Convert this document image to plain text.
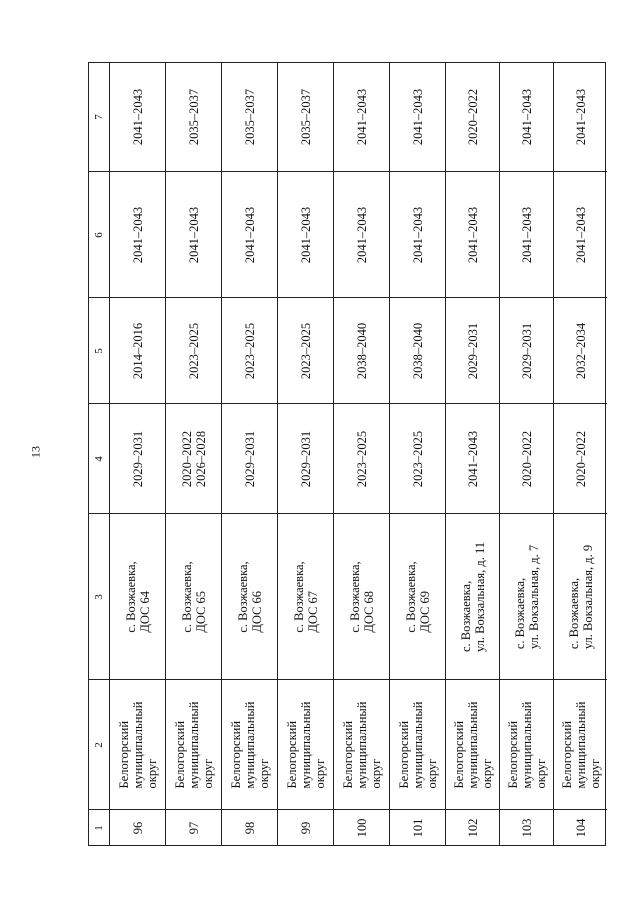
13
7
6
5
4
3
2
1
2041–2043
2041–2043
2014–2016
2029–2031
с. Возжаевка, ДОС 64
Белогорский муниципальный округ
96
2035–2037
2041–2043
2023–2025
2020–2022 2026–2028
с. Возжаевка, ДОС 65
Белогорский муниципальный округ
97
2035–2037
2041–2043
2023–2025
2029–2031
с. Возжаевка, ДОС 66
Белогорский муниципальный округ
98
2035–2037
2041–2043
2023–2025
2029–2031
с. Возжаевка, ДОС 67
Белогорский муниципальный округ
99
2041–2043
2041–2043
2038–2040
2023–2025
с. Возжаевка, ДОС 68
Белогорский муниципальный округ
100
2041–2043
2041–2043
2038–2040
2023–2025
с. Возжаевка, ДОС 69
Белогорский муниципальный округ
101
2020–2022
2041–2043
2029–2031
2041–2043
с. Возжаевка, ул. Вокзальная, д. 11
Белогорский муниципальный округ
102
2041–2043
2041–2043
2029–2031
2020–2022
с. Возжаевка, ул. Вокзальная, д. 7
Белогорский муниципальный округ
103
2041–2043
2041–2043
2032–2034
2020–2022
с. Возжаевка, ул. Вокзальная, д. 9
Белогорский муниципальный округ
104
